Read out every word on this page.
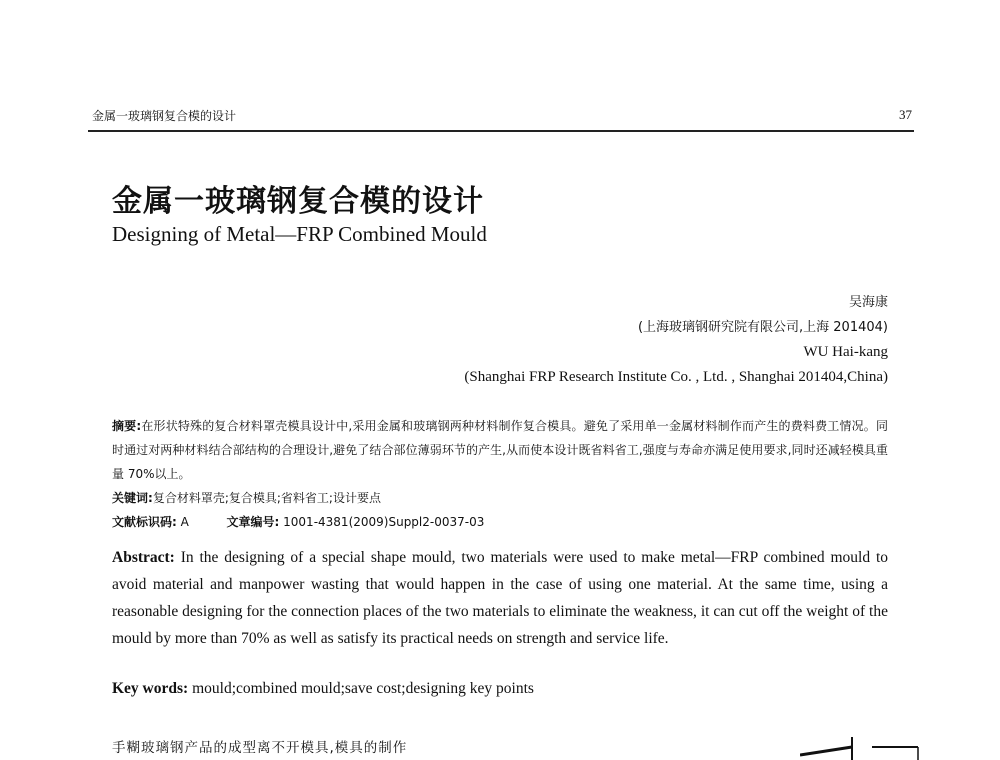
金属一玻璃钢复合模的设计	37
金属一玻璃钢复合模的设计
Designing of Metal—FRP Combined Mould
吴海康
(上海玻璃钢研究院有限公司,上海 201404)
WU Hai-kang
(Shanghai FRP Research Institute Co. , Ltd. , Shanghai 201404,China)
摘要:在形状特殊的复合材料罩壳模具设计中,采用金属和玻璃钢两种材料制作复合模具。避免了采用单一金属材料制作而产生的费料费工情况。同时通过对两种材料结合部结构的合理设计,避免了结合部位薄弱环节的产生,从而使本设计既省料省工,强度与寿命亦满足使用要求,同时还减轻模具重量 70%以上。
关键词:复合材料罩壳;复合模具;省料省工;设计要点
文献标识码: A	文章编号: 1001-4381(2009)Suppl2-0037-03
Abstract: In the designing of a special shape mould, two materials were used to make metal—FRP combined mould to avoid material and manpower wasting that would happen in the case of using one material. At the same time, using a reasonable designing for the connection places of the two materials to eliminate the weakness, it can cut off the weight of the mould by more than 70% as well as satisfy its practical needs on strength and service life.
Key words: mould;combined mould;save cost;designing key points
手糊玻璃钢产品的成型离不开模具,模具的制作
